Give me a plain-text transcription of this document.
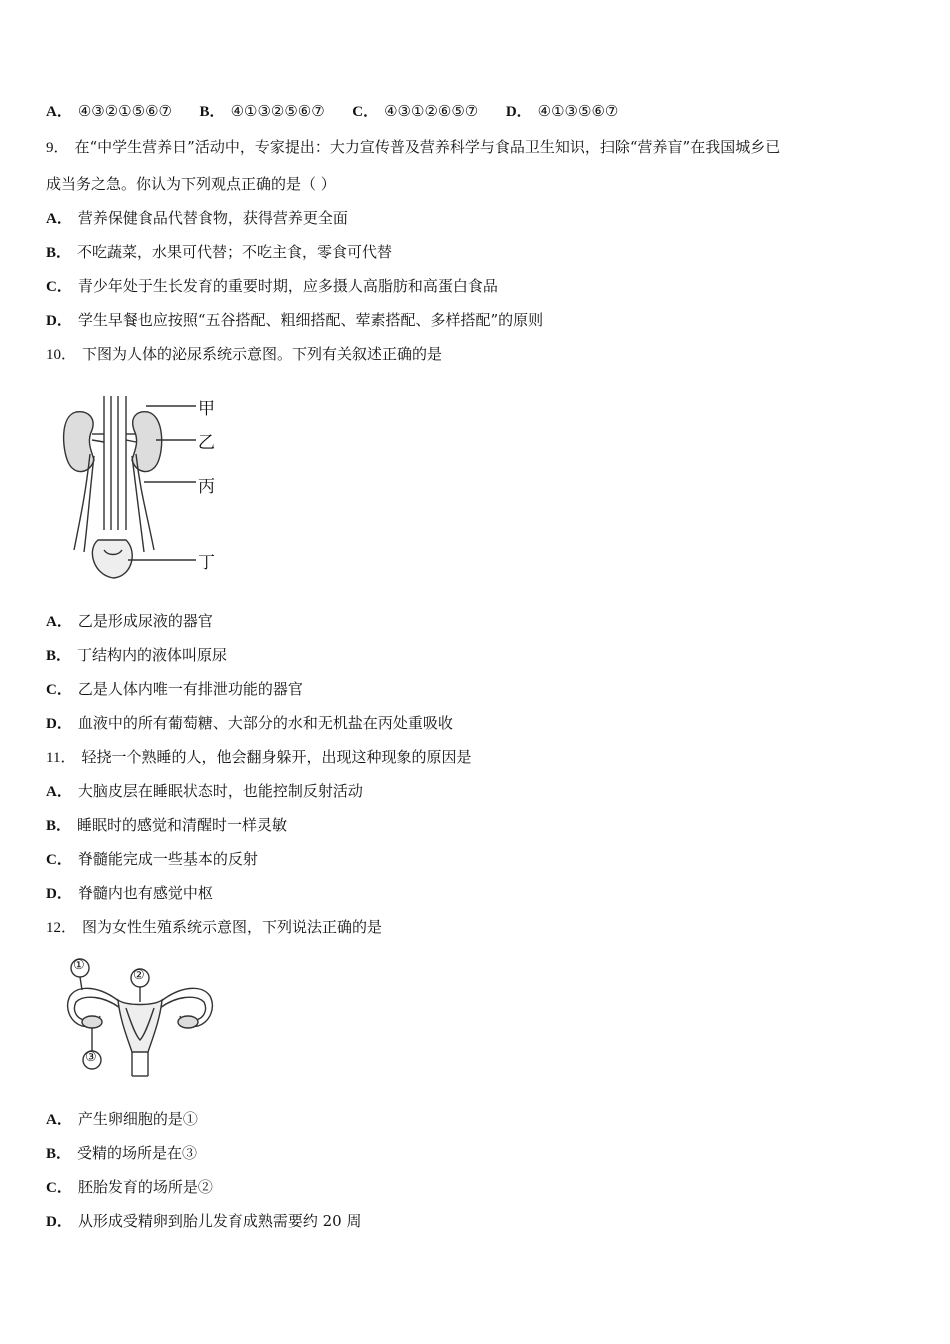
A． ④③②①⑤⑥⑦ B． ④①③②⑤⑥⑦ C． ④③①②⑥⑤⑦ D． ④①③⑤⑥⑦
9． 在“中学生营养日”活动中，专家提出：大力宣传普及营养科学与食品卫生知识，扫除“营养盲”在我国城乡已
成当务之急。你认为下列观点正确的是（ ）
A． 营养保健食品代替食物，获得营养更全面
B． 不吃蔬菜，水果可代替；不吃主食，零食可代替
C． 青少年处于生长发育的重要时期，应多摄人高脂肪和高蛋白食品
D． 学生早餐也应按照“五谷搭配、粗细搭配、荤素搭配、多样搭配”的原则
10． 下图为人体的泌尿系统示意图。下列有关叙述正确的是
甲
乙
丙
丁
A． 乙是形成尿液的器官
B． 丁结构内的液体叫原尿
C． 乙是人体内唯一有排泄功能的器官
D． 血液中的所有葡萄糖、大部分的水和无机盐在丙处重吸收
11． 轻挠一个熟睡的人，他会翻身躲开，出现这种现象的原因是
A． 大脑皮层在睡眠状态时，也能控制反射活动
B． 睡眠时的感觉和清醒时一样灵敏
C． 脊髓能完成一些基本的反射
D． 脊髓内也有感觉中枢
12． 图为女性生殖系统示意图，下列说法正确的是
①
②
③
A． 产生卵细胞的是①
B． 受精的场所是在③
C． 胚胎发育的场所是②
D． 从形成受精卵到胎儿发育成熟需要约 20 周
